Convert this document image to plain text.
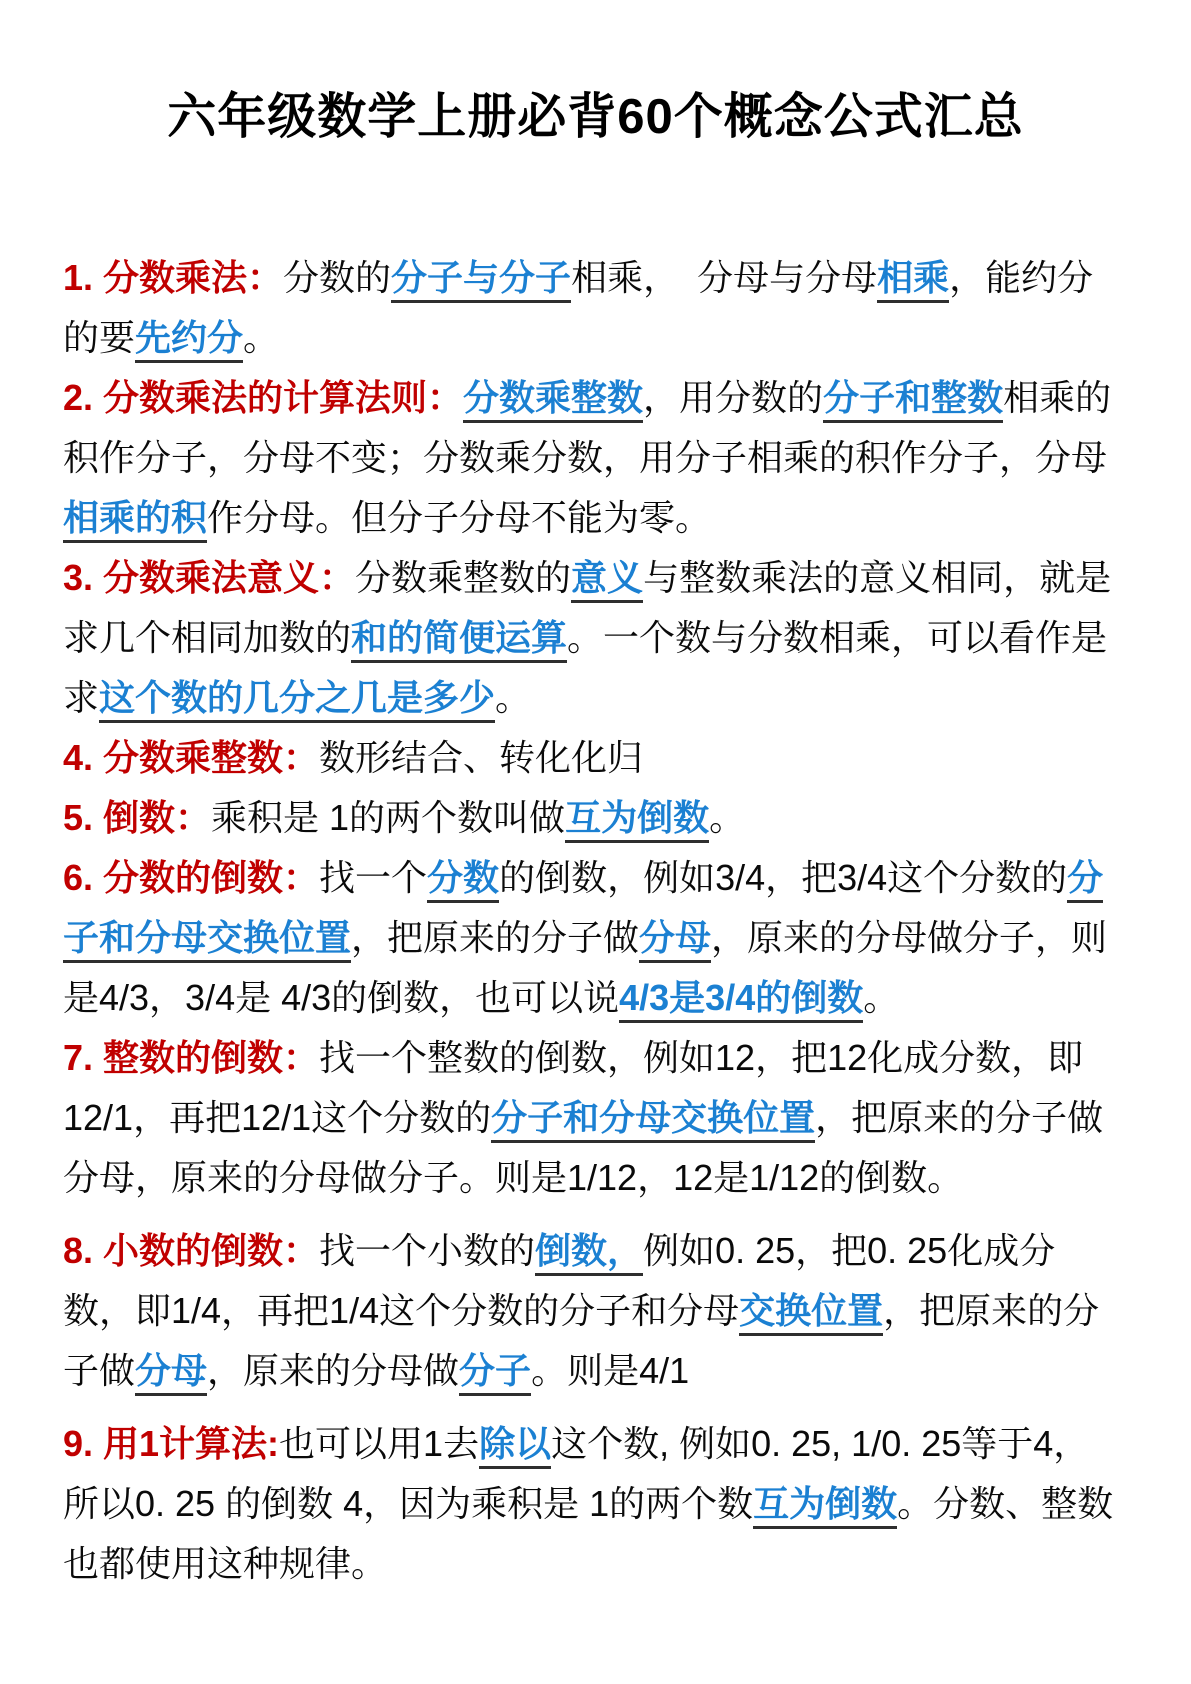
六年级数学上册必背60个概念公式汇总

1. 分数乘法：分数的分子与分子相乘，　分母与分母相乘，能约分的要先约分。

2. 分数乘法的计算法则：分数乘整数，用分数的分子和整数相乘的积作分子，分母不变；分数乘分数，用分子相乘的积作分子，分母相乘的积作分母。但分子分母不能为零。

3. 分数乘法意义：分数乘整数的意义与整数乘法的意义相同，就是求几个相同加数的和的简便运算。一个数与分数相乘，可以看作是求这个数的几分之几是多少。

4. 分数乘整数：数形结合、转化化归

5. 倒数：乘积是 1的两个数叫做互为倒数。

6. 分数的倒数：找一个分数的倒数，例如3/4，把3/4这个分数的分子和分母交换位置，把原来的分子做分母，原来的分母做分子，则是4/3，3/4是 4/3的倒数，也可以说4/3是3/4的倒数。

7. 整数的倒数：找一个整数的倒数，例如12，把12化成分数，即12/1，再把12/1这个分数的分子和分母交换位置，把原来的分子做分母，原来的分母做分子。则是1/12，12是1/12的倒数。

8. 小数的倒数：找一个小数的倒数，例如0. 25，把0. 25化成分数，即1/4，再把1/4这个分数的分子和分母交换位置，把原来的分子做分母，原来的分母做分子。则是4/1

9. 用1计算法:也可以用1去除以这个数, 例如0. 25, 1/0. 25等于4，所以0. 25 的倒数 4，因为乘积是 1的两个数互为倒数。分数、整数也都使用这种规律。
